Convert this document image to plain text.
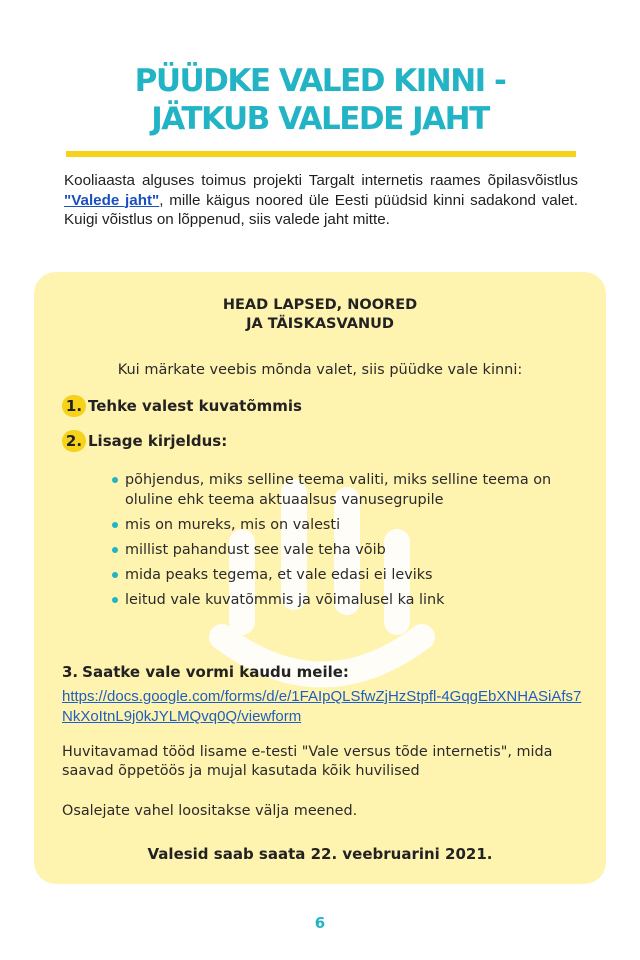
PÜÜDKE VALED KINNI -
JÄTKUB VALEDE JAHT
Kooliaasta alguses toimus projekti Targalt internetis raames õpilasvõistlus "Valede jaht", mille käigus noored üle Eesti püüdsid kinni sadakond valet. Kuigi võistlus on lõppenud, siis valede jaht mitte.
HEAD LAPSED, NOORED
JA TÄISKASVANUD
Kui märkate veebis mõnda valet, siis püüdke vale kinni:
1. Tehke valest kuvatõmmis
2. Lisage kirjeldus:
põhjendus, miks selline teema valiti, miks selline teema on oluline ehk teema aktuaalsus vanusegrupile
mis on mureks, mis on valesti
millist pahandust see vale teha võib
mida peaks tegema, et vale edasi ei leviks
leitud vale kuvatõmmis ja võimalusel ka link
3. Saatke vale vormi kaudu meile:
https://docs.google.com/forms/d/e/1FAIpQLSfwZjHzStpfl-4GqgEbXNHASiAfs7NkXoItnL9j0kJYLMQvq0Q/viewform
Huvitavamad tööd lisame e-testi "Vale versus tõde internetis", mida saavad õppetöös ja mujal kasutada kõik huvilised
Osalejate vahel loositakse välja meened.
Valesid saab saata 22. veebruarini 2021.
6
